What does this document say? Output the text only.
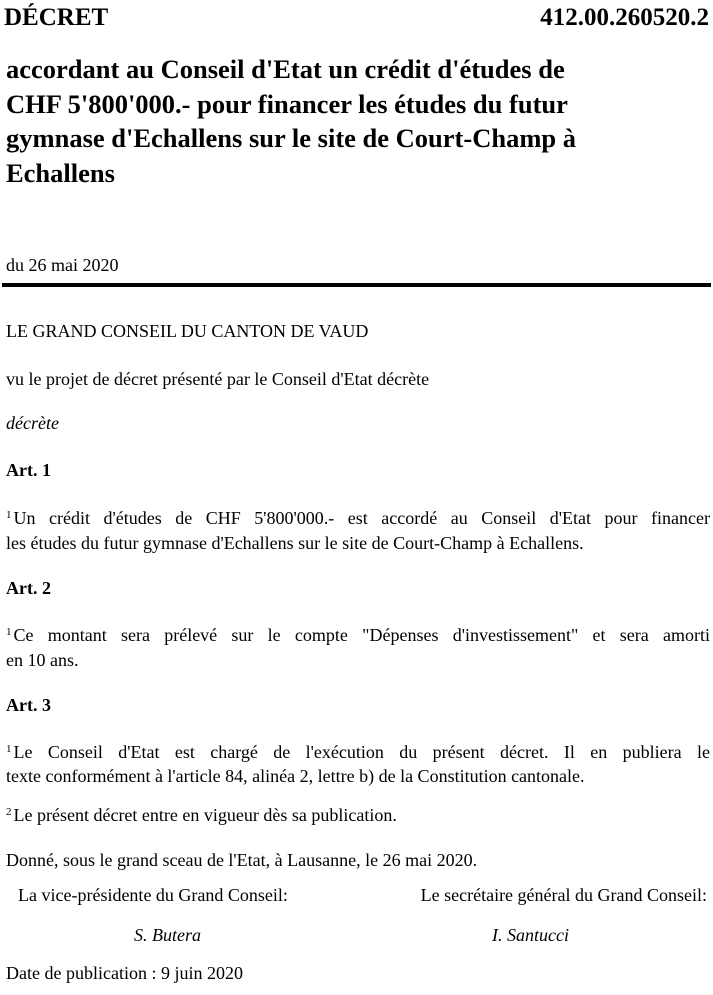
DÉCRET	412.00.260520.2
accordant au Conseil d'Etat un crédit d'études de
CHF 5'800'000.- pour financer les études du futur
gymnase d'Echallens sur le site de Court-Champ à
Echallens
du 26 mai 2020
LE GRAND CONSEIL DU CANTON DE VAUD
vu le projet de décret présenté par le Conseil d'Etat décrète
décrète
Art. 1
$^1$ Un crédit d'études de CHF 5'800'000.- est accordé au Conseil d'Etat pour financer
les études du futur gymnase d'Echallens sur le site de Court-Champ à Echallens.
Art. 2
$^1$ Ce montant sera prélevé sur le compte "Dépenses d'investissement" et sera amorti
en 10 ans.
Art. 3
$^1$ Le Conseil d'Etat est chargé de l'exécution du présent décret. Il en publiera le
texte conformément à l'article 84, alinéa 2, lettre b) de la Constitution cantonale.
$^2$ Le présent décret entre en vigueur dès sa publication.
Donné, sous le grand sceau de l'Etat, à Lausanne, le 26 mai 2020.
La vice-présidente du Grand Conseil:	Le secrétaire général du Grand Conseil:
S. Butera	I. Santucci
Date de publication : 9 juin 2020
